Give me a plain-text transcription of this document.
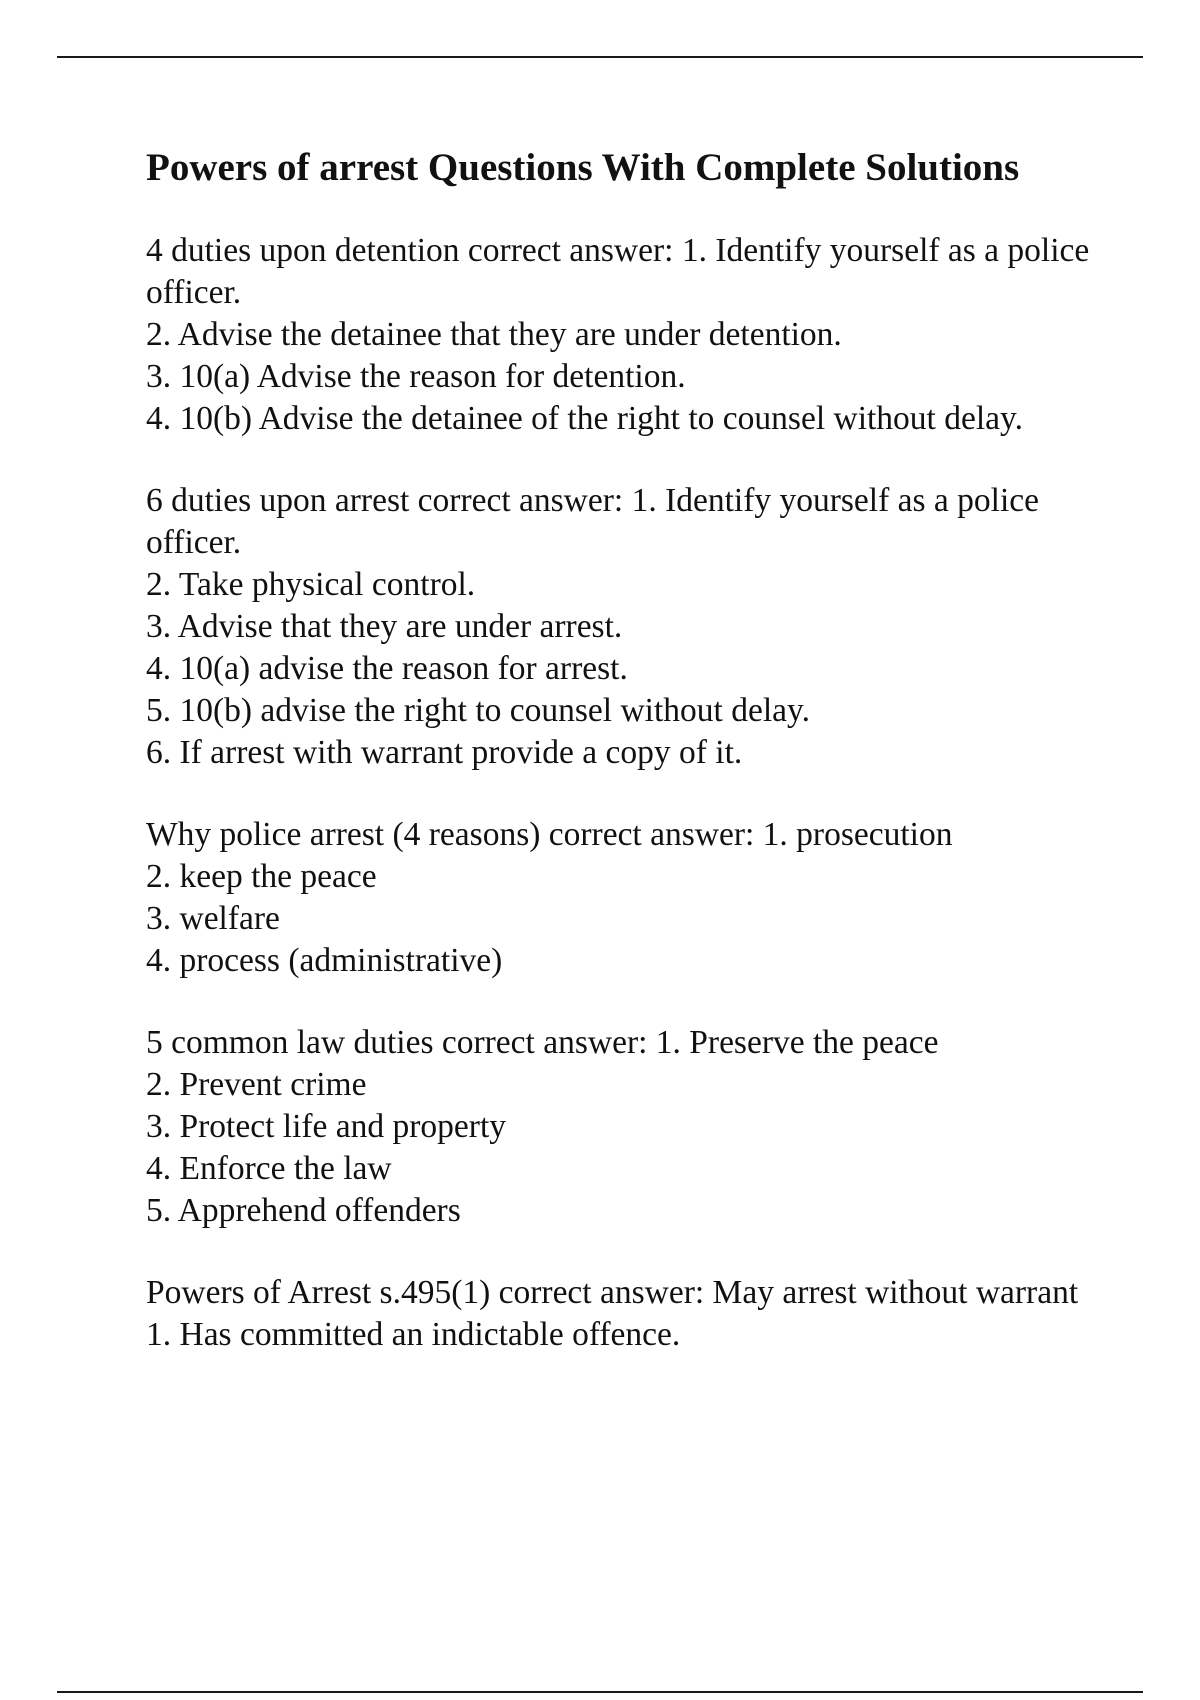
Powers of arrest Questions With Complete Solutions
4 duties upon detention correct answer: 1. Identify yourself as a police officer.
2. Advise the detainee that they are under detention.
3. 10(a) Advise the reason for detention.
4. 10(b) Advise the detainee of the right to counsel without delay.
6 duties upon arrest correct answer: 1. Identify yourself as a police officer.
2. Take physical control.
3. Advise that they are under arrest.
4. 10(a) advise the reason for arrest.
5. 10(b) advise the right to counsel without delay.
6. If arrest with warrant provide a copy of it.
Why police arrest (4 reasons) correct answer: 1. prosecution
2. keep the peace
3. welfare
4. process (administrative)
5 common law duties correct answer: 1. Preserve the peace
2. Prevent crime
3. Protect life and property
4. Enforce the law
5. Apprehend offenders
Powers of Arrest s.495(1) correct answer: May arrest without warrant
1. Has committed an indictable offence.
